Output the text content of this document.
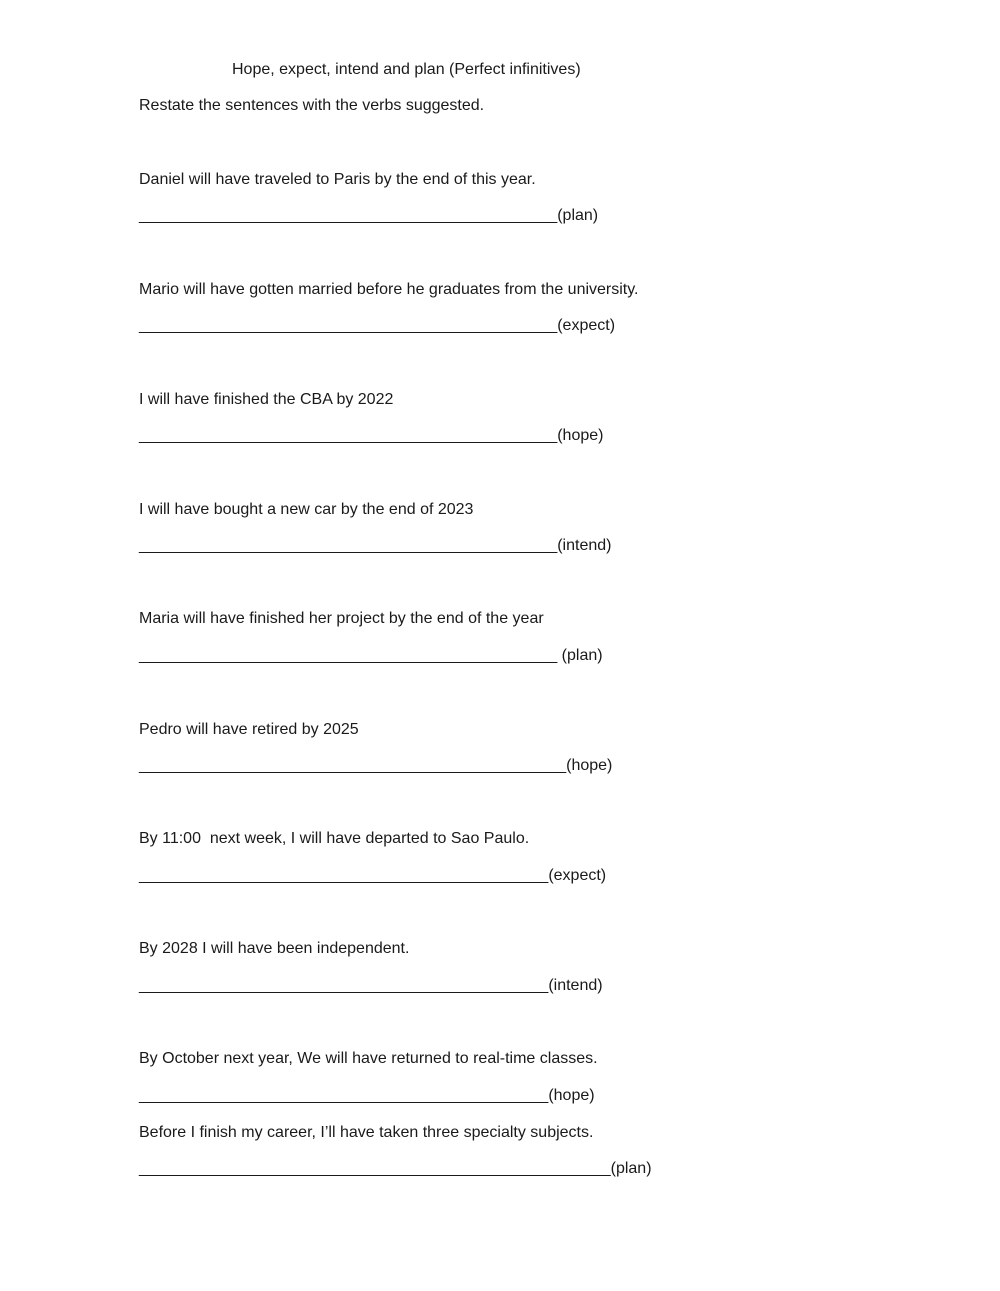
Hope, expect, intend and plan (Perfect infinitives)

Restate the sentences with the verbs suggested.

Daniel will have traveled to Paris by the end of this year.

_______________________________________________(plan)

Mario will have gotten married before he graduates from the university.

_______________________________________________(expect)

I will have finished the CBA by 2022

_______________________________________________(hope)

I will have bought a new car by the end of 2023

_______________________________________________(intend)

Maria will have finished her project by the end of the year

_______________________________________________ (plan)

Pedro will have retired by 2025

________________________________________________(hope)

By 11:00  next week, I will have departed to Sao Paulo.

______________________________________________(expect)

By 2028 I will have been independent.

______________________________________________(intend)

By October next year, We will have returned to real-time classes.

______________________________________________(hope)

Before I finish my career, I’ll have taken three specialty subjects.

_____________________________________________________(plan)
